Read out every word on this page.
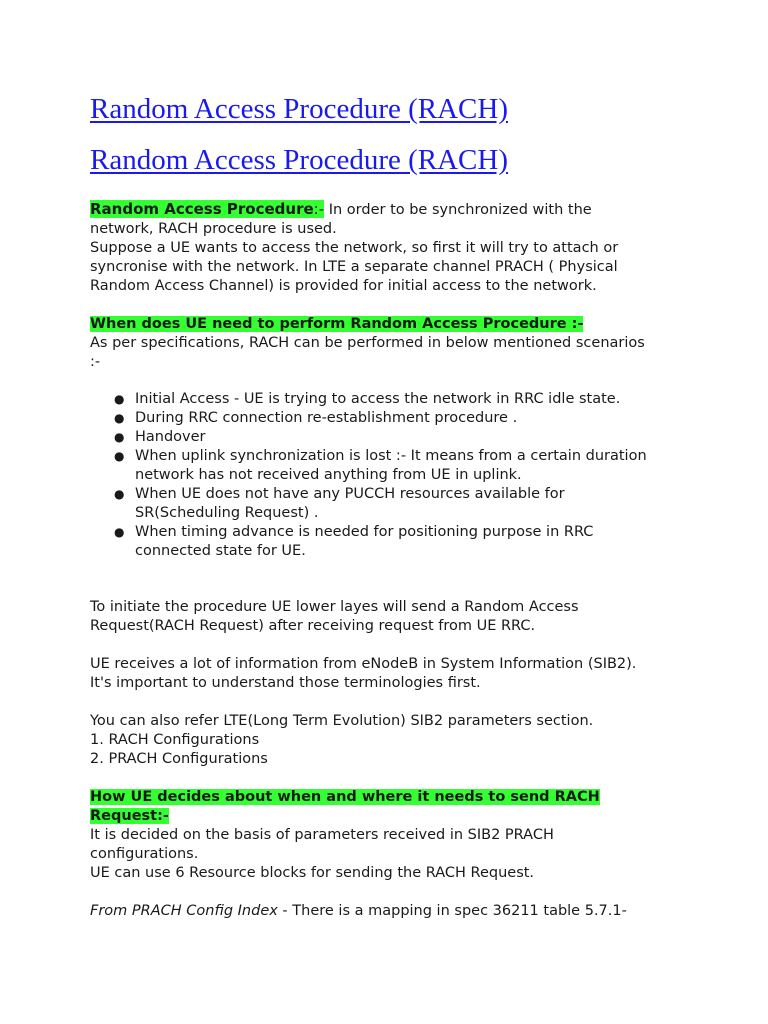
Random Access Procedure (RACH)
Random Access Procedure (RACH)

Random Access Procedure:- In order to be synchronized with the

network, RACH procedure is used.

Suppose a UE wants to access the network, so first it will try to attach or

syncronise with the network. In LTE a separate channel PRACH ( Physical

Random Access Channel) is provided for initial access to the network.

When does UE need to perform Random Access Procedure :-

As per specifications, RACH can be performed in below mentioned scenarios

:-

● Initial Access - UE is trying to access the network in RRC idle state.
● During RRC connection re-establishment procedure .
● Handover
● When uplink synchronization is lost :- It means from a certain duration
network has not received anything from UE in uplink.
● When UE does not have any PUCCH resources available for
SR(Scheduling Request) .
● When timing advance is needed for positioning purpose in RRC
connected state for UE.

To initiate the procedure UE lower layes will send a Random Access

Request(RACH Request) after receiving request from UE RRC.

UE receives a lot of information from eNodeB in System Information (SIB2).

It's important to understand those terminologies first.

You can also refer LTE(Long Term Evolution) SIB2 parameters section.

1. RACH Configurations

2. PRACH Configurations

How UE decides about when and where it needs to send RACH

Request:-

It is decided on the basis of parameters received in SIB2 PRACH

configurations.

UE can use 6 Resource blocks for sending the RACH Request.

From PRACH Config Index - There is a mapping in spec 36211 table 5.7.1-
